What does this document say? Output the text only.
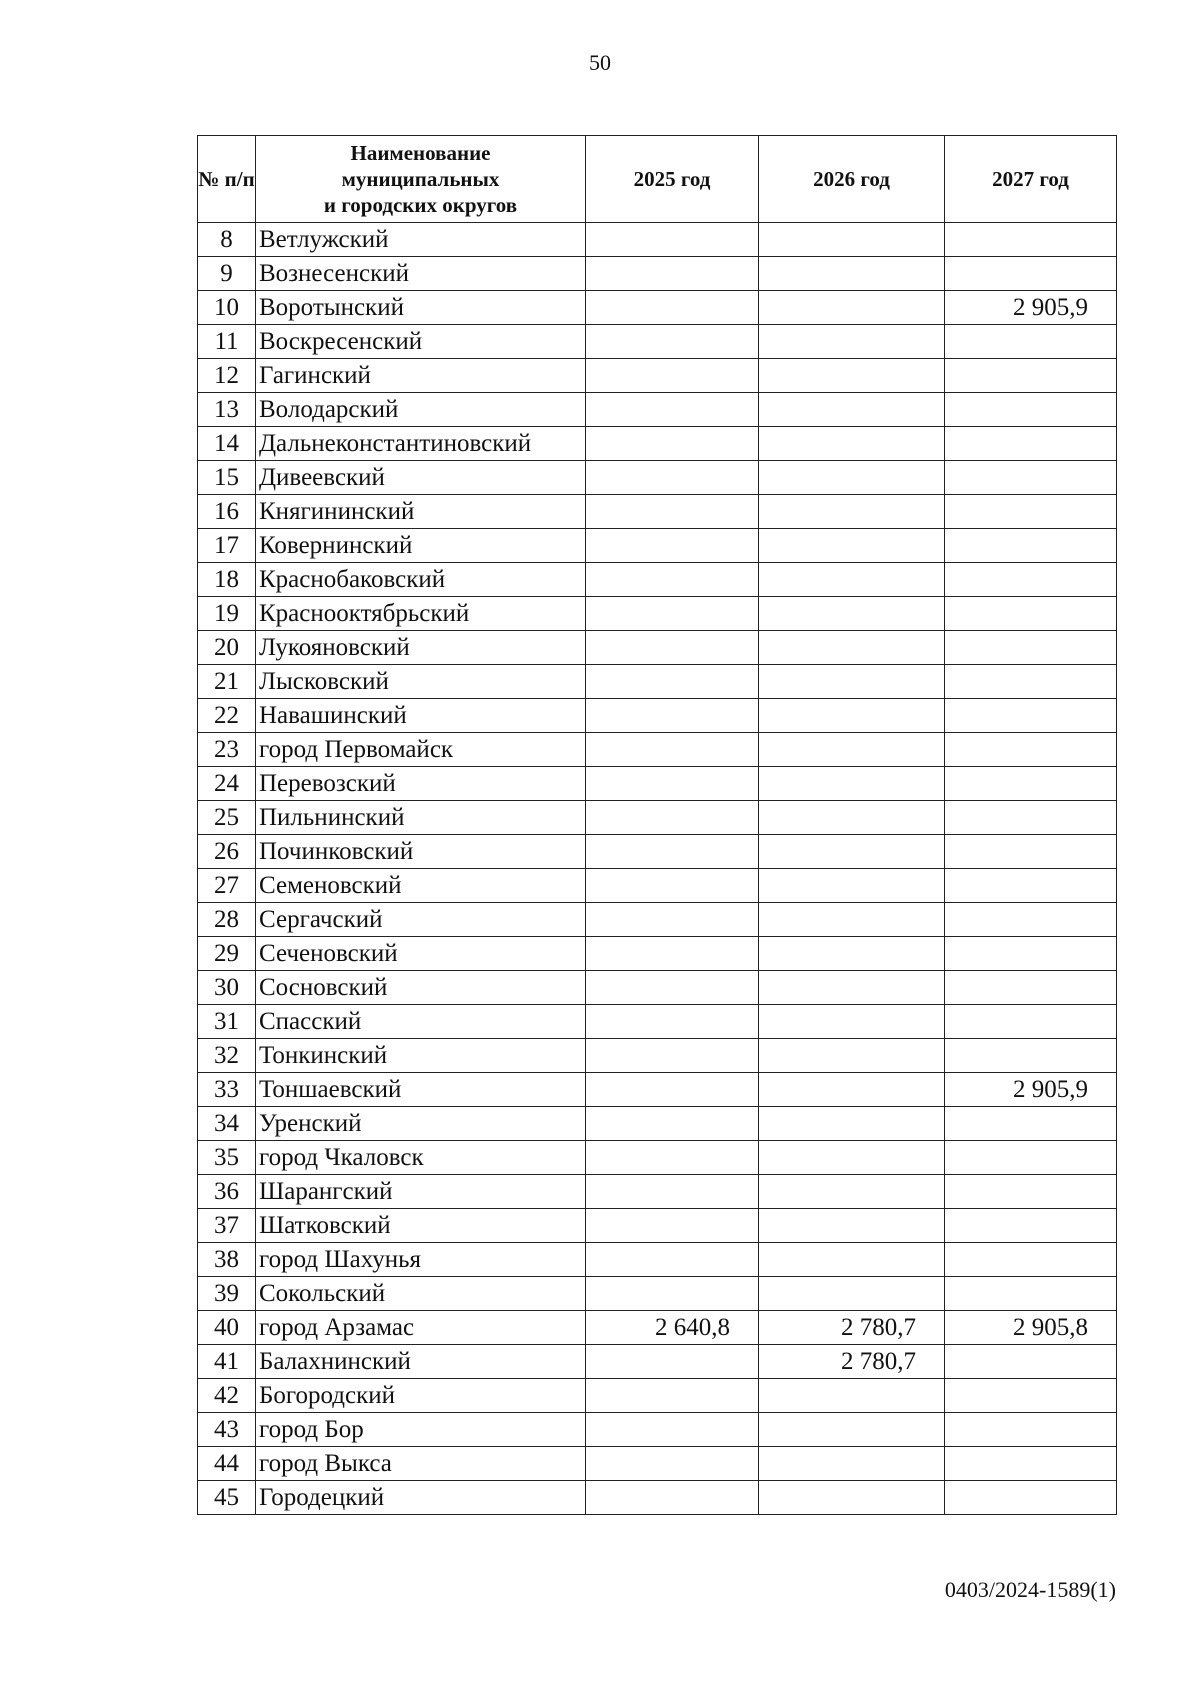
50
№ п/п	Наименование
муниципальных
и городских округов	2025 год	2026 год	2027 год
8	Ветлужский			
9	Вознесенский			
10	Воротынский			2 905,9
11	Воскресенский			
12	Гагинский			
13	Володарский			
14	Дальнеконстантиновский			
15	Дивеевский			
16	Княгининский			
17	Ковернинский			
18	Краснобаковский			
19	Краснооктябрьский			
20	Лукояновский			
21	Лысковский			
22	Навашинский			
23	город Первомайск			
24	Перевозский			
25	Пильнинский			
26	Починковский			
27	Семеновский			
28	Сергачский			
29	Сеченовский			
30	Сосновский			
31	Спасский			
32	Тонкинский			
33	Тоншаевский			2 905,9
34	Уренский			
35	город Чкаловск			
36	Шарангский			
37	Шатковский			
38	город Шахунья			
39	Сокольский			
40	город Арзамас	2 640,8	2 780,7	2 905,8
41	Балахнинский		2 780,7	
42	Богородский			
43	город Бор			
44	город Выкса			
45	Городецкий			
0403/2024-1589(1)
